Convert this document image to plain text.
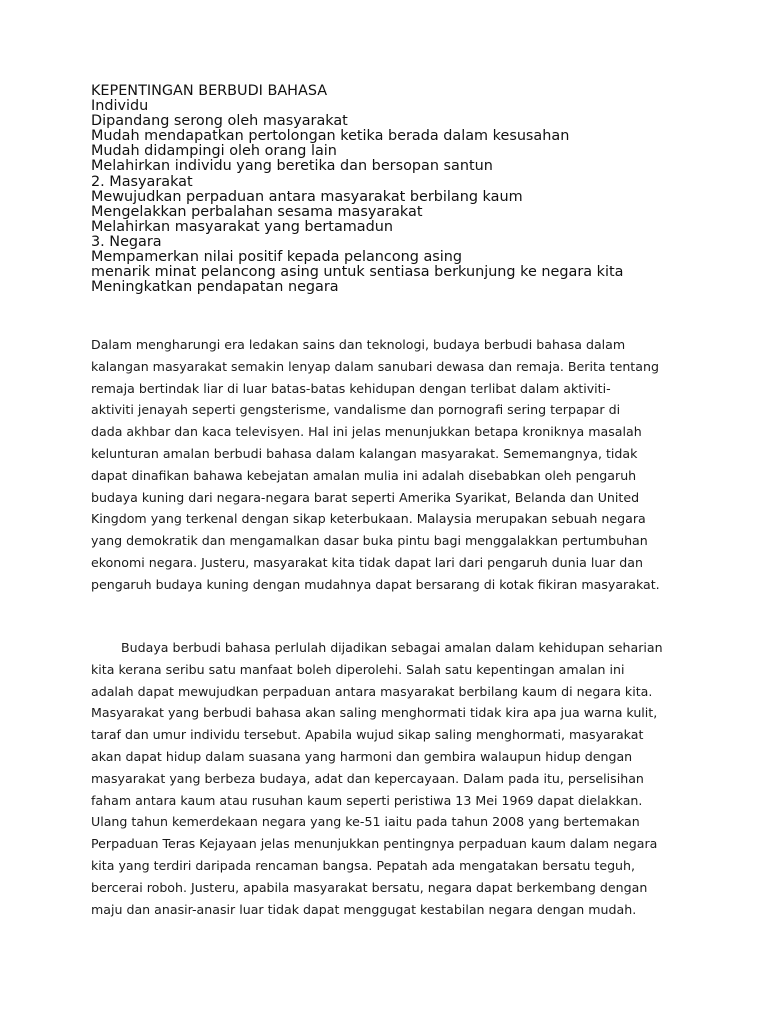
KEPENTINGAN BERBUDI BAHASA
Individu
Dipandang serong oleh masyarakat
Mudah mendapatkan pertolongan ketika berada dalam kesusahan
Mudah didampingi oleh orang lain
Melahirkan individu yang beretika dan bersopan santun
2. Masyarakat
Mewujudkan perpaduan antara masyarakat berbilang kaum
Mengelakkan perbalahan sesama masyarakat
Melahirkan masyarakat yang bertamadun
3. Negara
Mempamerkan nilai positif kepada pelancong asing
menarik minat pelancong asing untuk sentiasa berkunjung ke negara kita
Meningkatkan pendapatan negara
Dalam mengharungi era ledakan sains dan teknologi, budaya berbudi bahasa dalam
kalangan masyarakat semakin lenyap dalam sanubari dewasa dan remaja. Berita tentang
remaja bertindak liar di luar batas-batas kehidupan dengan terlibat dalam aktiviti-
aktiviti jenayah seperti gengsterisme, vandalisme dan pornografi sering terpapar di
dada akhbar dan kaca televisyen. Hal ini jelas menunjukkan betapa kroniknya masalah
kelunturan amalan berbudi bahasa dalam kalangan masyarakat. Sememangnya, tidak
dapat dinafikan bahawa kebejatan amalan mulia ini adalah disebabkan oleh pengaruh
budaya kuning dari negara-negara barat seperti Amerika Syarikat, Belanda dan United
Kingdom yang terkenal dengan sikap keterbukaan. Malaysia merupakan sebuah negara
yang demokratik dan mengamalkan dasar buka pintu bagi menggalakkan pertumbuhan
ekonomi negara. Justeru, masyarakat kita tidak dapat lari dari pengaruh dunia luar dan
pengaruh budaya kuning dengan mudahnya dapat bersarang di kotak fikiran masyarakat.
Budaya berbudi bahasa perlulah dijadikan sebagai amalan dalam kehidupan seharian
kita kerana seribu satu manfaat boleh diperolehi. Salah satu kepentingan amalan ini
adalah dapat mewujudkan perpaduan antara masyarakat berbilang kaum di negara kita.
Masyarakat yang berbudi bahasa akan saling menghormati tidak kira apa jua warna kulit,
taraf dan umur individu tersebut. Apabila wujud sikap saling menghormati, masyarakat
akan dapat hidup dalam suasana yang harmoni dan gembira walaupun hidup dengan
masyarakat yang berbeza budaya, adat dan kepercayaan. Dalam pada itu, perselisihan
faham antara kaum atau rusuhan kaum seperti peristiwa 13 Mei 1969 dapat dielakkan.
Ulang tahun kemerdekaan negara yang ke-51 iaitu pada tahun 2008 yang bertemakan
Perpaduan Teras Kejayaan jelas menunjukkan pentingnya perpaduan kaum dalam negara
kita yang terdiri daripada rencaman bangsa. Pepatah ada mengatakan bersatu teguh,
bercerai roboh. Justeru, apabila masyarakat bersatu, negara dapat berkembang dengan
maju dan anasir-anasir luar tidak dapat menggugat kestabilan negara dengan mudah.
